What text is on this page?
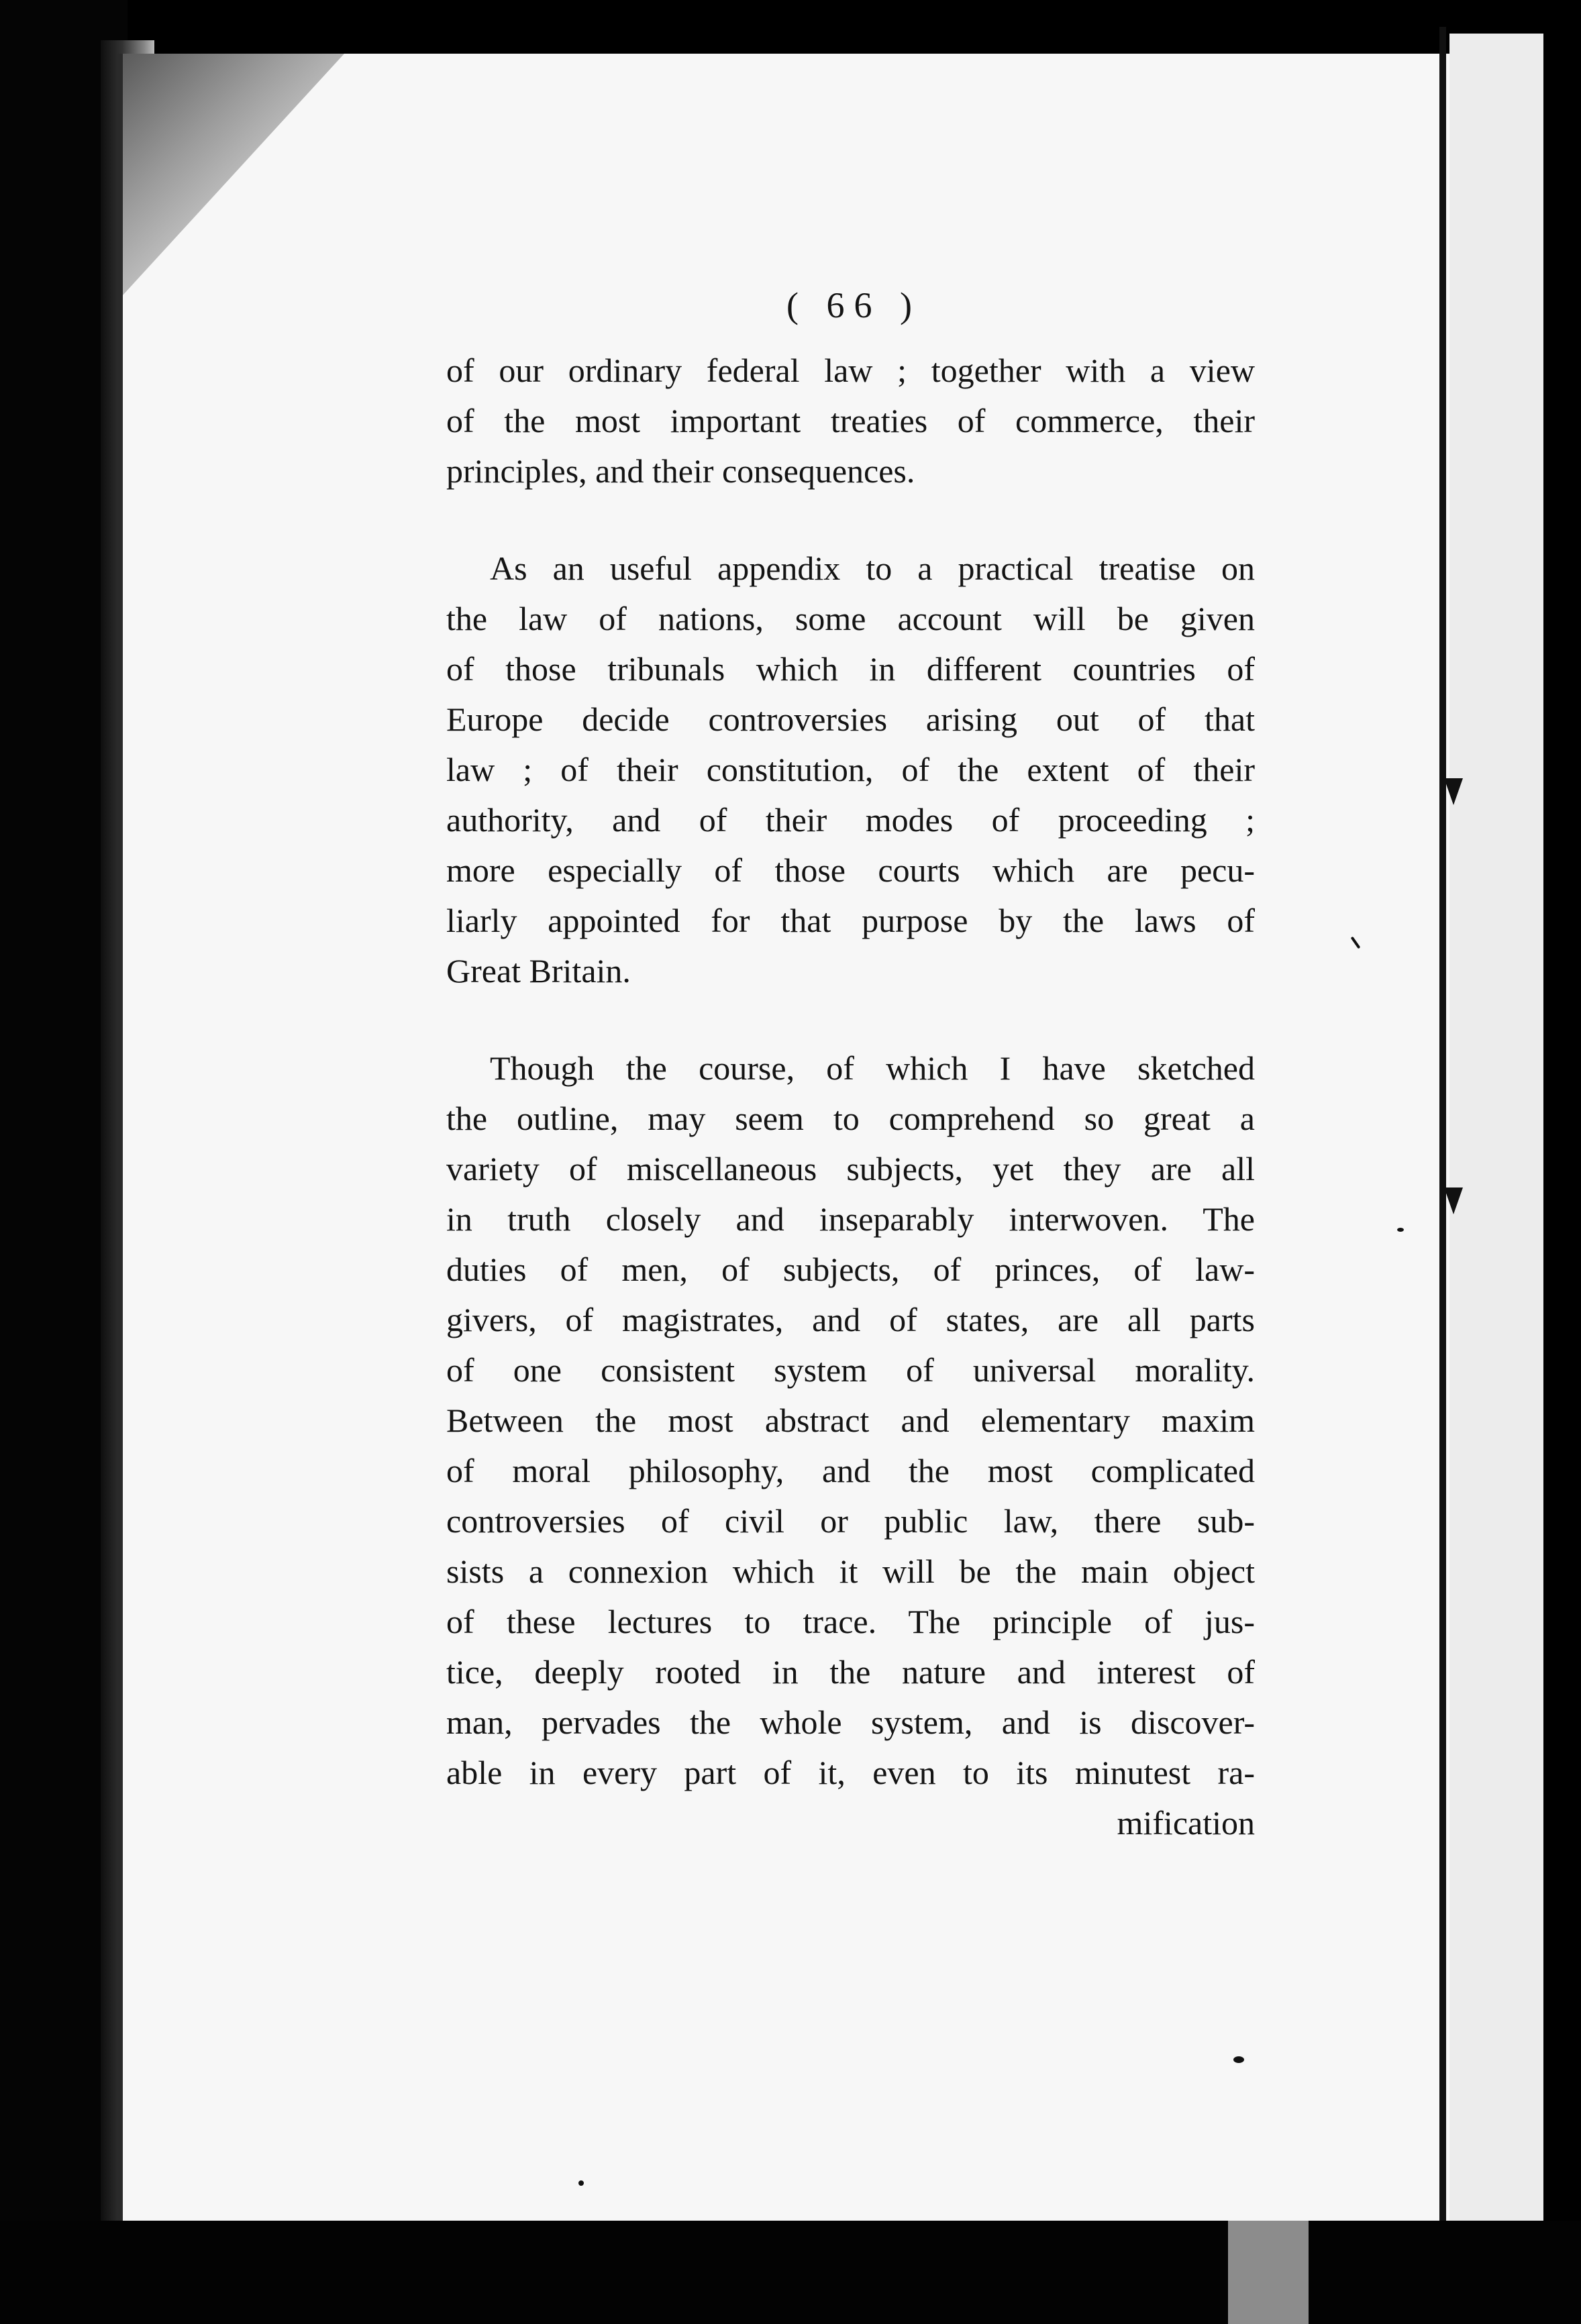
( 66 )
of our ordinary federal law ; together with a view
of the most important treaties of commerce, their
principles, and their consequences.
As an useful appendix to a practical treatise on
the law of nations, some account will be given
of those tribunals which in different countries of
Europe decide controversies arising out of that
law ; of their constitution, of the extent of their
authority, and of their modes of proceeding ;
more especially of those courts which are pecu-
liarly appointed for that purpose by the laws of
Great Britain.
Though the course, of which I have sketched
the outline, may seem to comprehend so great a
variety of miscellaneous subjects, yet they are all
in truth closely and inseparably interwoven. The
duties of men, of subjects, of princes, of law-
givers, of magistrates, and of states, are all parts
of one consistent system of universal morality.
Between the most abstract and elementary maxim
of moral philosophy, and the most complicated
controversies of civil or public law, there sub-
sists a connexion which it will be the main object
of these lectures to trace. The principle of jus-
tice, deeply rooted in the nature and interest of
man, pervades the whole system, and is discover-
able in every part of it, even to its minutest ra-
mification
